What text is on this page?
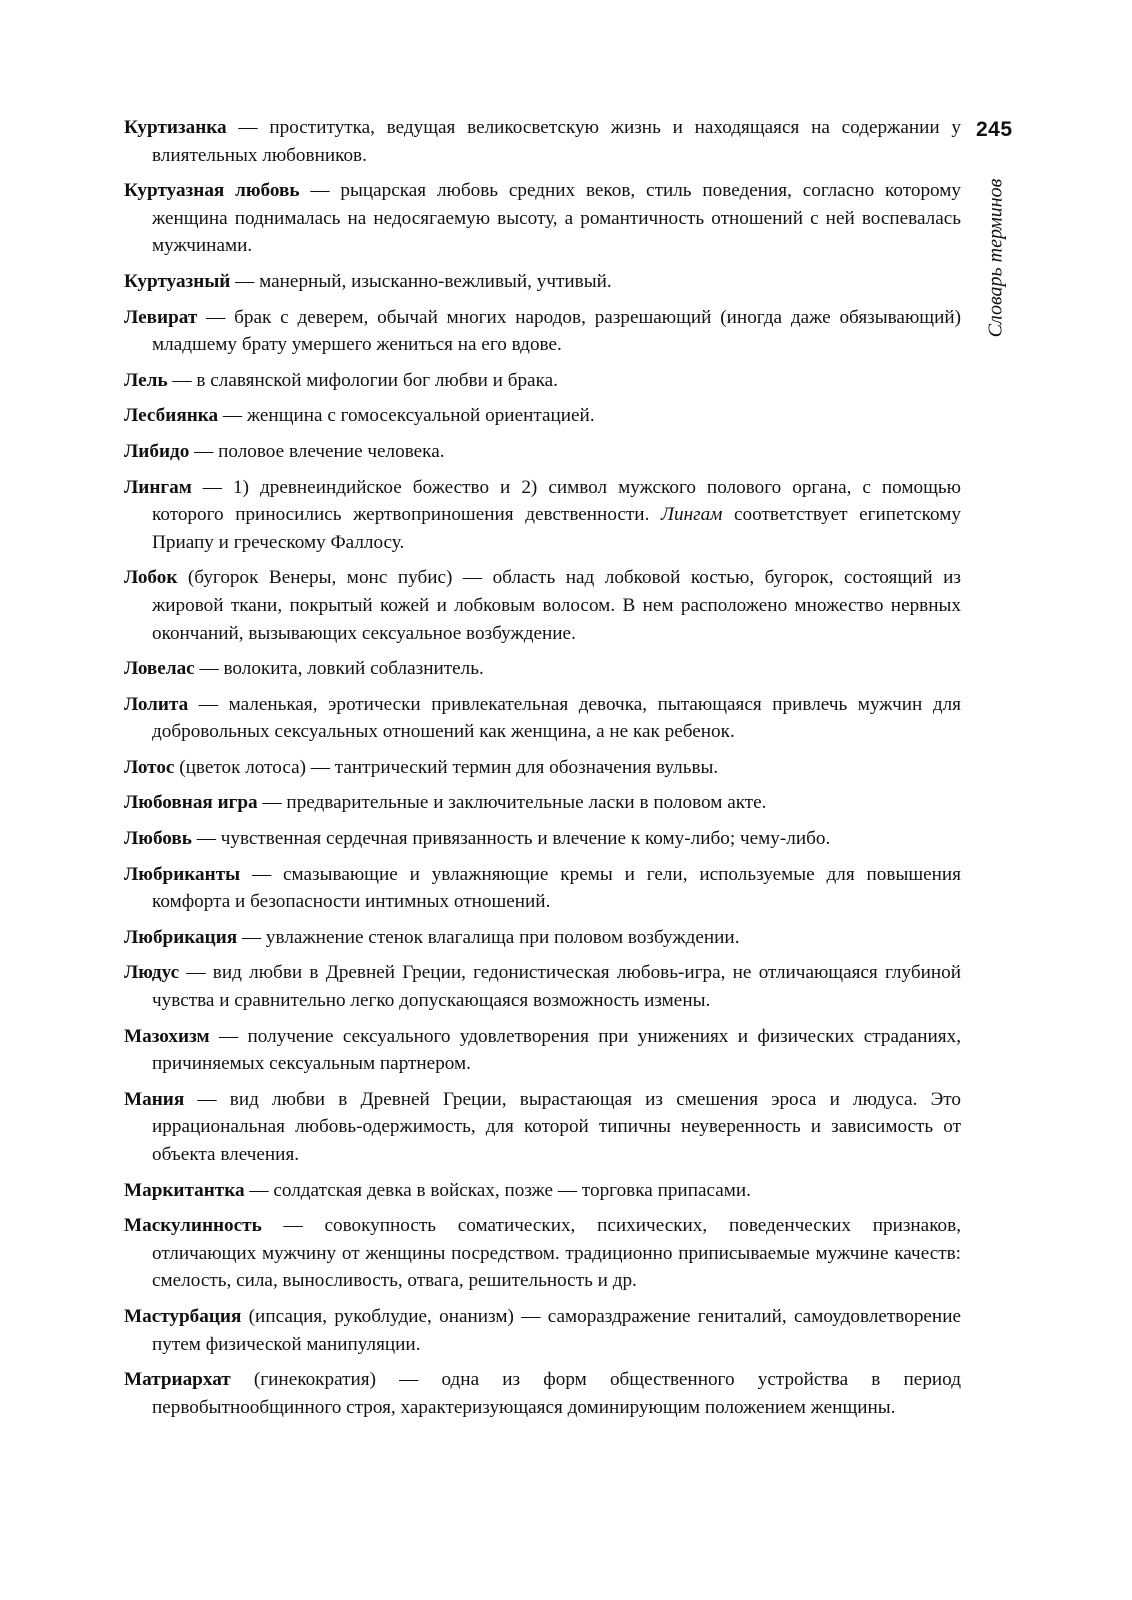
245
Словарь терминов

Куртизанка — проститутка, ведущая великосветскую жизнь и находящаяся на содержании у влиятельных любовников.

Куртуазная любовь — рыцарская любовь средних веков, стиль поведения, согласно которому женщина поднималась на недосягаемую высоту, а романтичность отношений с ней воспевалась мужчинами.

Куртуазный — манерный, изысканно-вежливый, учтивый.

Левират — брак с деверем, обычай многих народов, разрешающий (иногда даже обязывающий) младшему брату умершего жениться на его вдове.

Лель — в славянской мифологии бог любви и брака.

Лесбиянка — женщина с гомосексуальной ориентацией.

Либидо — половое влечение человека.

Лингам — 1) древнеиндийское божество и 2) символ мужского полового органа, с помощью которого приносились жертвоприношения девственности. Лингам соответствует египетскому Приапу и греческому Фаллосу.

Лобок (бугорок Венеры, монс пубис) — область над лобковой костью, бугорок, состоящий из жировой ткани, покрытый кожей и лобковым волосом. В нем расположено множество нервных окончаний, вызывающих сексуальное возбуждение.

Ловелас — волокита, ловкий соблазнитель.

Лолита — маленькая, эротически привлекательная девочка, пытающаяся привлечь мужчин для добровольных сексуальных отношений как женщина, а не как ребенок.

Лотос (цветок лотоса) — тантрический термин для обозначения вульвы.

Любовная игра — предварительные и заключительные ласки в половом акте.

Любовь — чувственная сердечная привязанность и влечение к кому-либо; чему-либо.

Любриканты — смазывающие и увлажняющие кремы и гели, используемые для повышения комфорта и безопасности интимных отношений.

Любрикация — увлажнение стенок влагалища при половом возбуждении.

Людус — вид любви в Древней Греции, гедонистическая любовь-игра, не отличающаяся глубиной чувства и сравнительно легко допускающаяся возможность измены.

Мазохизм — получение сексуального удовлетворения при унижениях и физических страданиях, причиняемых сексуальным партнером.

Мания — вид любви в Древней Греции, вырастающая из смешения эроса и людуса. Это иррациональная любовь-одержимость, для которой типичны неуверенность и зависимость от объекта влечения.

Маркитантка — солдатская девка в войсках, позже — торговка припасами.

Маскулинность — совокупность соматических, психических, поведенческих признаков, отличающих мужчину от женщины посредством. традиционно приписываемые мужчине качеств: смелость, сила, выносливость, отвага, решительность и др.

Мастурбация (ипсация, рукоблудие, онанизм) — самораздражение гениталий, самоудовлетворение путем физической манипуляции.

Матриархат (гинекократия) — одна из форм общественного устройства в период первобытнообщинного строя, характеризующаяся доминирующим положением женщины.
